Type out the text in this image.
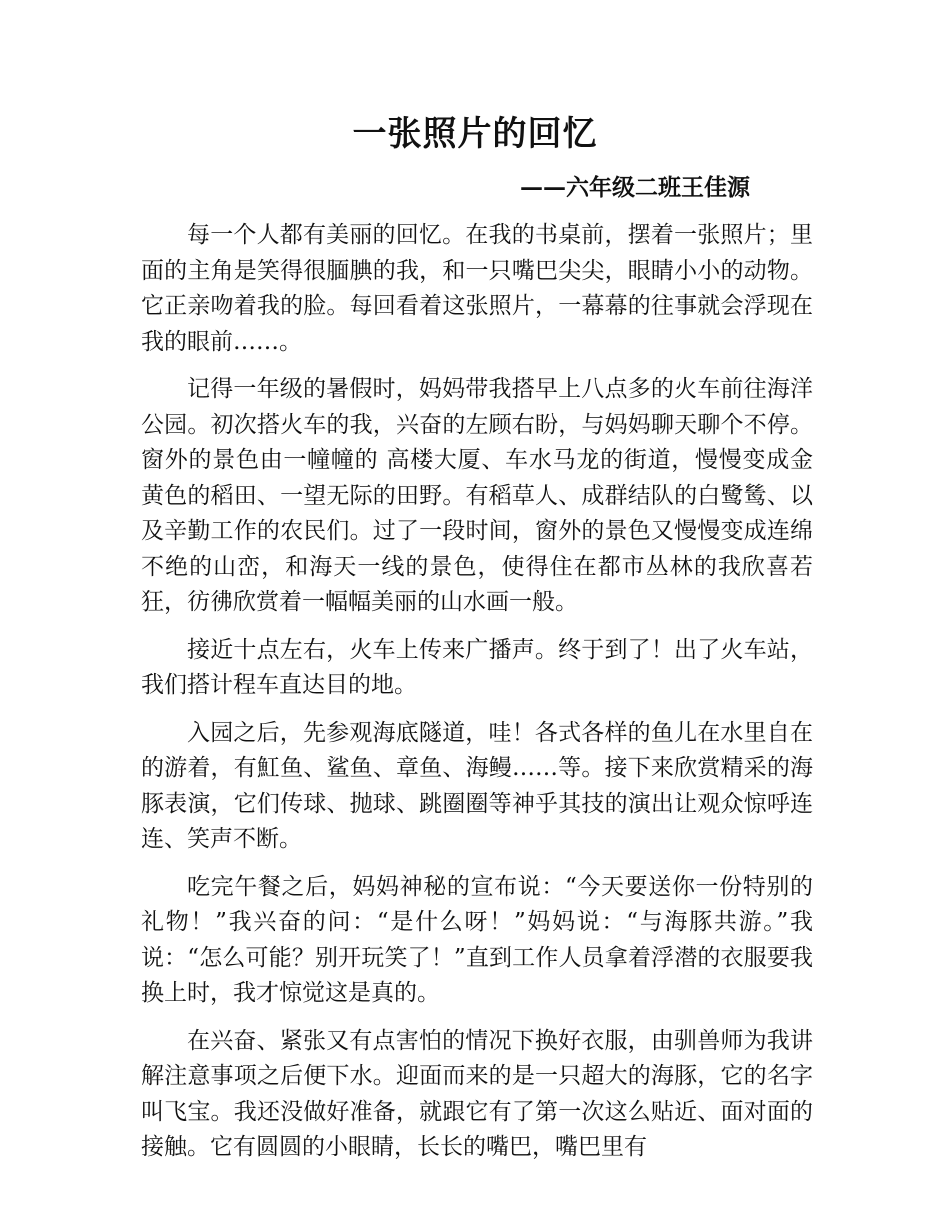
一张照片的回忆
——六年级二班王佳源

每一个人都有美丽的回忆。在我的书桌前，摆着一张照片；里面的主角是笑得很腼腆的我，和一只嘴巴尖尖，眼睛小小的动物。它正亲吻着我的脸。每回看着这张照片，一幕幕的往事就会浮现在我的眼前……。

记得一年级的暑假时，妈妈带我搭早上八点多的火车前往海洋公园。初次搭火车的我，兴奋的左顾右盼，与妈妈聊天聊个不停。窗外的景色由一幢幢的 高楼大厦、车水马龙的街道，慢慢变成金黄色的稻田、一望无际的田野。有稻草人、成群结队的白鹭鸶、以及辛勤工作的农民们。过了一段时间，窗外的景色又慢慢变成连绵不绝的山峦，和海天一线的景色，使得住在都市丛林的我欣喜若狂，彷彿欣赏着一幅幅美丽的山水画一般。

接近十点左右，火车上传来广播声。终于到了！出了火车站，我们搭计程车直达目的地。

入园之后，先参观海底隧道，哇！各式各样的鱼儿在水里自在的游着，有魟鱼、鲨鱼、章鱼、海鳗……等。接下来欣赏精采的海豚表演，它们传球、抛球、跳圈圈等神乎其技的演出让观众惊呼连连、笑声不断。

吃完午餐之后，妈妈神秘的宣布说：“今天要送你一份特别的礼物！”我兴奋的问：“是什么呀！”妈妈说：“与海豚共游。”我说：“怎么可能？别开玩笑了！”直到工作人员拿着浮潜的衣服要我换上时，我才惊觉这是真的。

在兴奋、紧张又有点害怕的情况下换好衣服，由驯兽师为我讲解注意事项之后便下水。迎面而来的是一只超大的海豚，它的名字叫飞宝。我还没做好准备，就跟它有了第一次这么贴近、面对面的接触。它有圆圆的小眼睛，长长的嘴巴，嘴巴里有
